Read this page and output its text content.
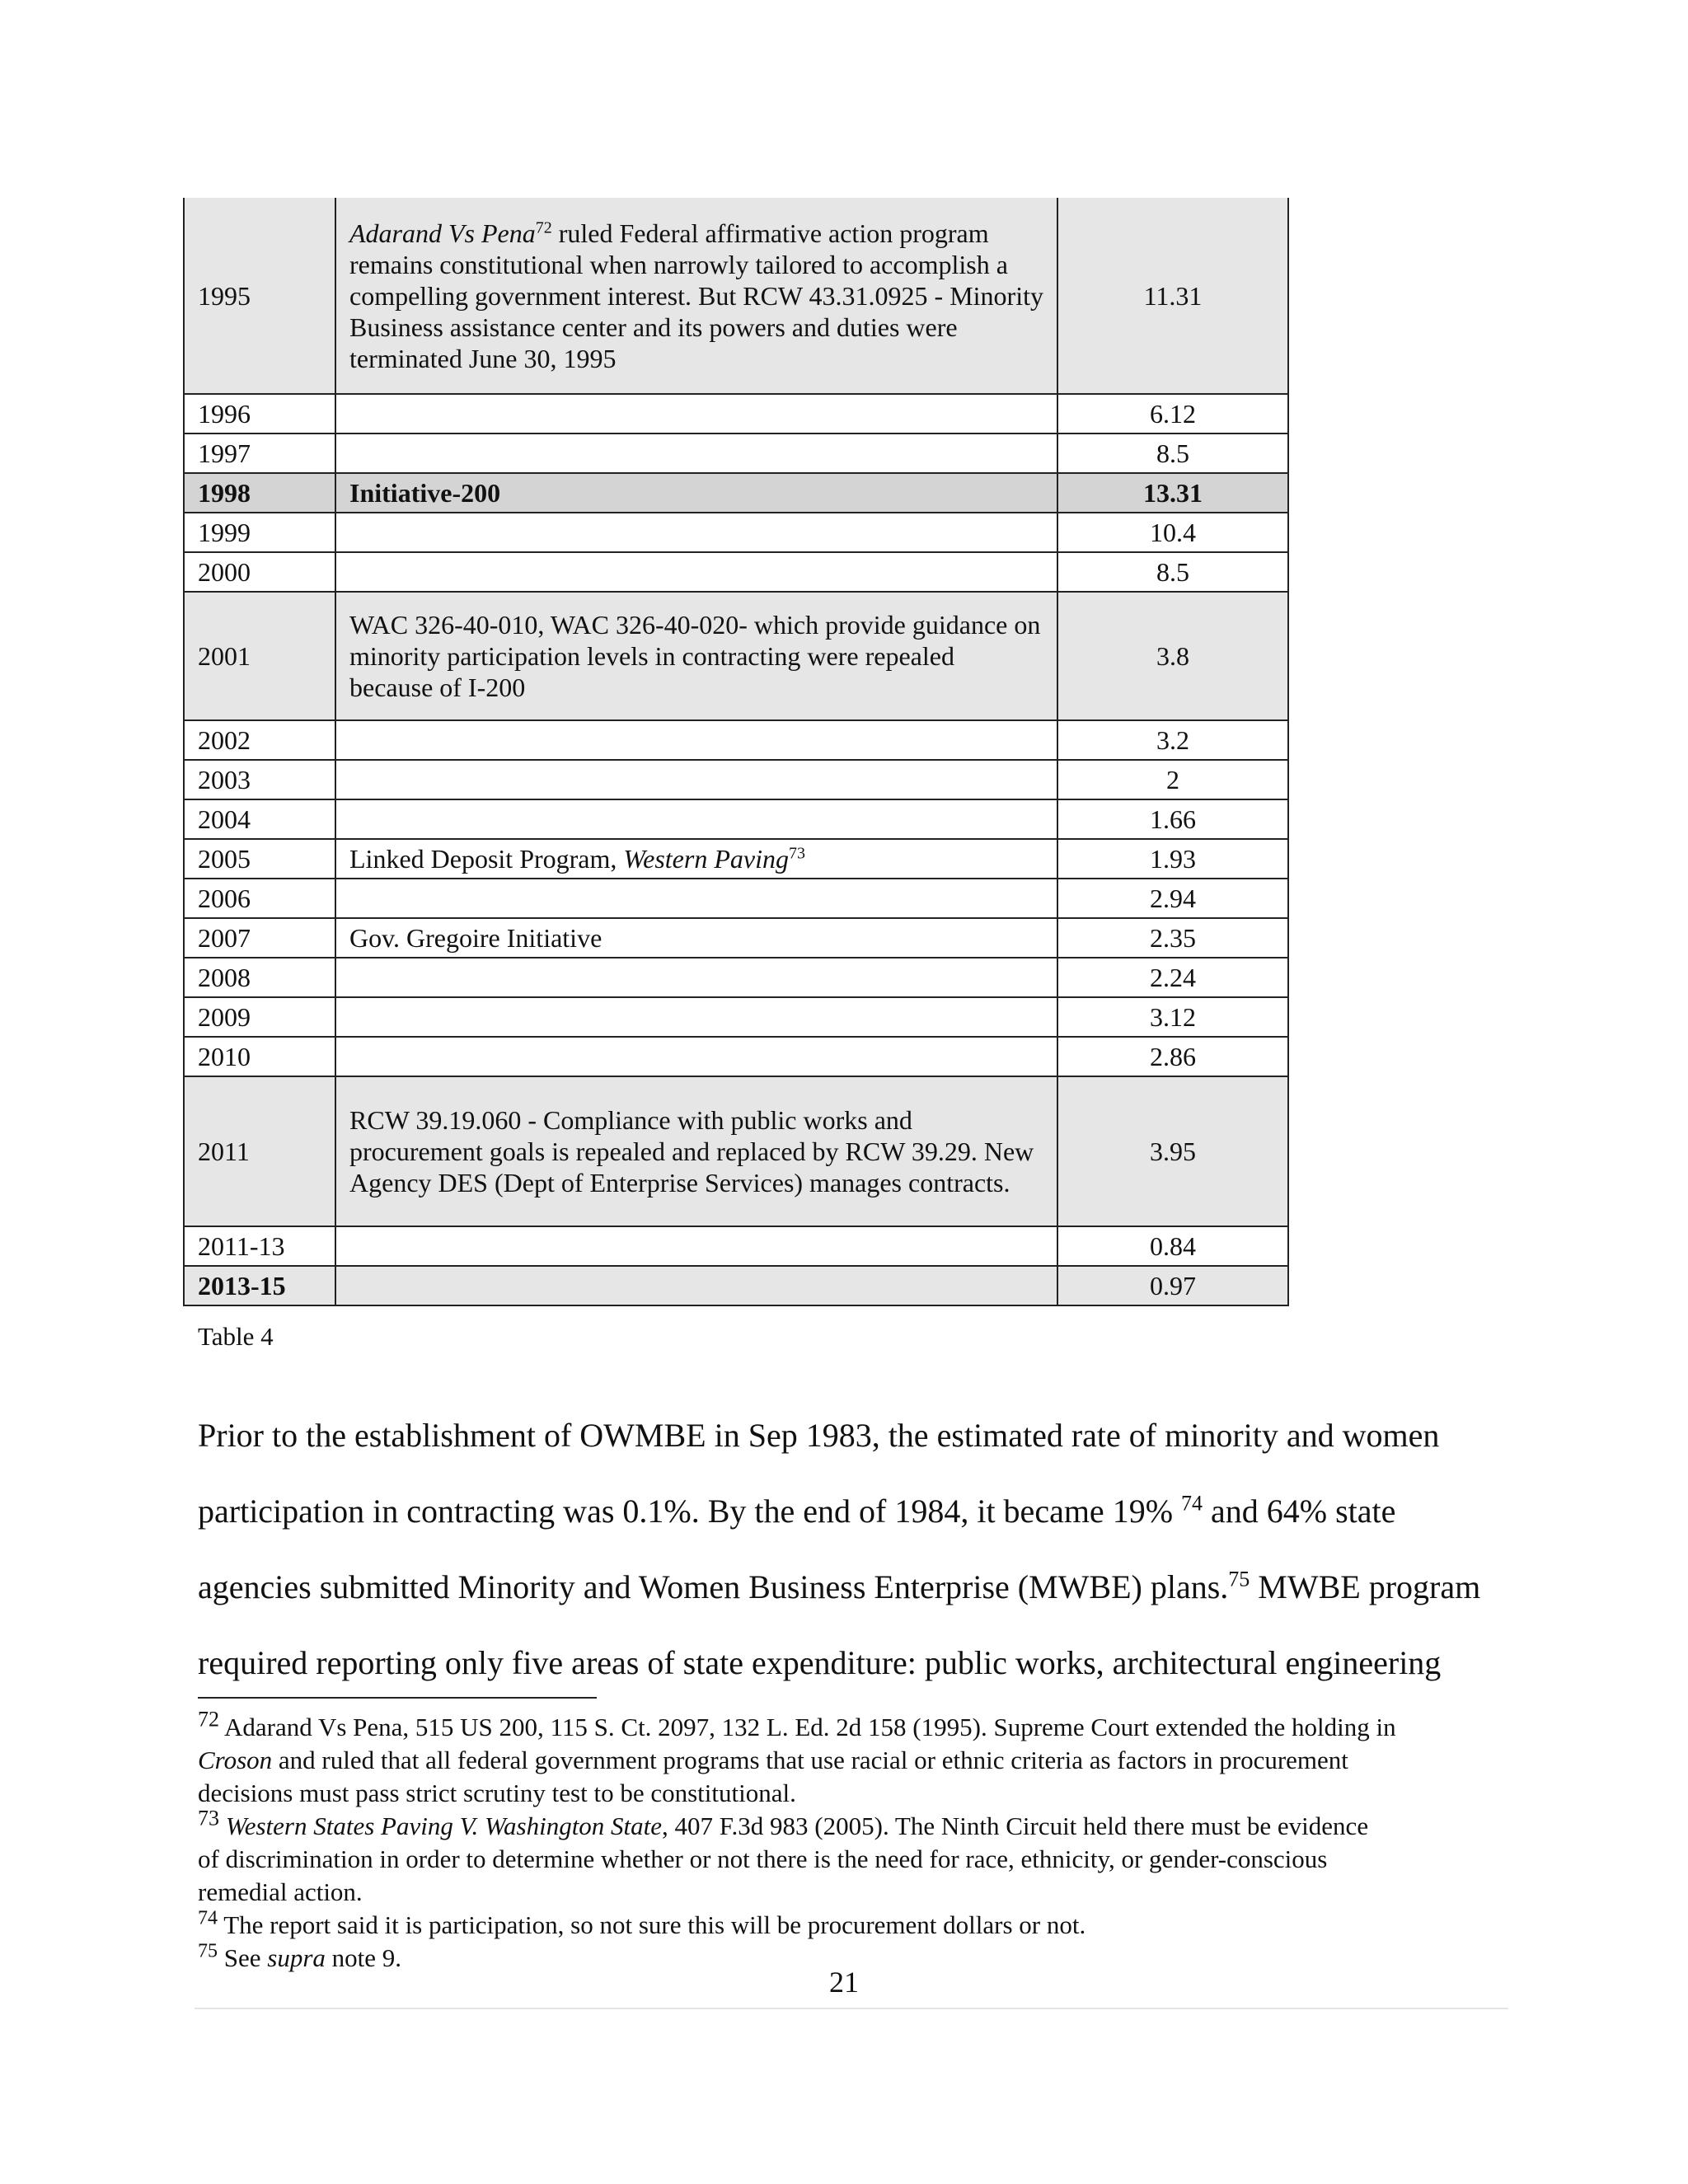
1995	Adarand Vs Pena$^{72}$ ruled Federal affirmative action program remains constitutional when narrowly tailored to accomplish a compelling government interest. But RCW 43.31.0925 - Minority Business assistance center and its powers and duties were terminated June 30, 1995	11.31
1996		6.12
1997		8.5
1998	Initiative-200	13.31
1999		10.4
2000		8.5
2001	WAC 326-40-010, WAC 326-40-020- which provide guidance on minority participation levels in contracting were repealed because of I-200	3.8
2002		3.2
2003		2
2004		1.66
2005	Linked Deposit Program, Western Paving$^{73}$	1.93
2006		2.94
2007	Gov. Gregoire Initiative	2.35
2008		2.24
2009		3.12
2010		2.86
2011	RCW 39.19.060 - Compliance with public works and procurement goals is repealed and replaced by RCW 39.29. New Agency DES (Dept of Enterprise Services) manages contracts.	3.95
2011-13		0.84
2013-15		0.97
Table 4
Prior to the establishment of OWMBE in Sep 1983, the estimated rate of minority and women
participation in contracting was 0.1%. By the end of 1984, it became 19% $^{74}$ and 64% state
agencies submitted Minority and Women Business Enterprise (MWBE) plans.$^{75}$ MWBE program
required reporting only five areas of state expenditure: public works, architectural engineering
$^{72}$ Adarand Vs Pena, 515 US 200, 115 S. Ct. 2097, 132 L. Ed. 2d 158 (1995). Supreme Court extended the holding in
Croson and ruled that all federal government programs that use racial or ethnic criteria as factors in procurement
decisions must pass strict scrutiny test to be constitutional.
$^{73}$ Western States Paving V. Washington State, 407 F.3d 983 (2005). The Ninth Circuit held there must be evidence
of discrimination in order to determine whether or not there is the need for race, ethnicity, or gender-conscious
remedial action.
$^{74}$ The report said it is participation, so not sure this will be procurement dollars or not.
$^{75}$ See supra note 9.
21
